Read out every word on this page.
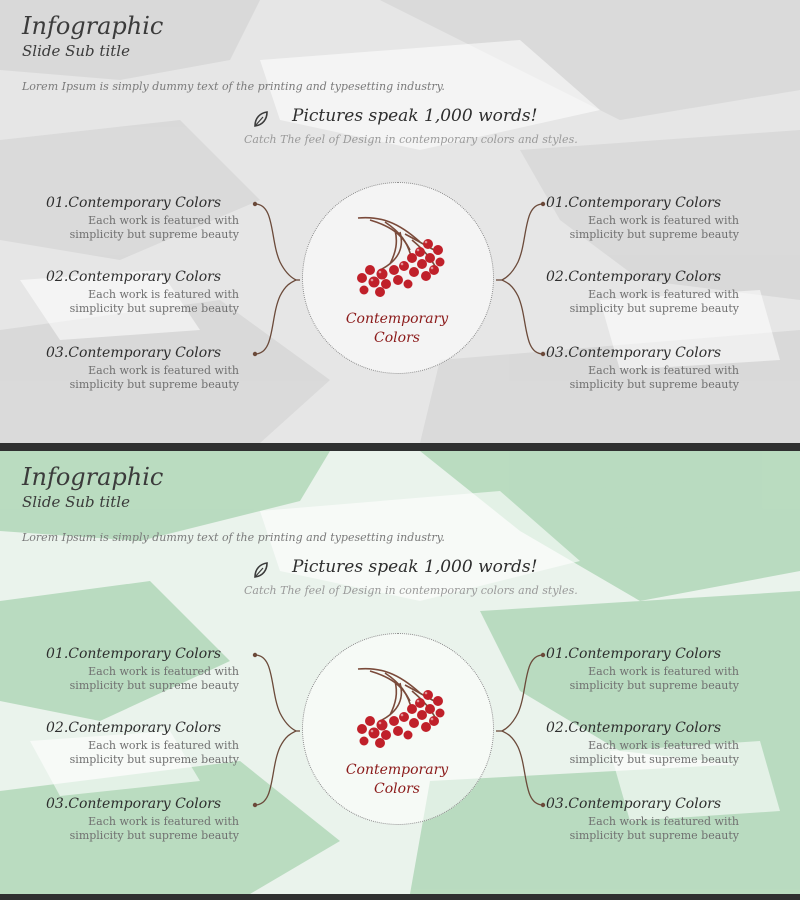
Infographic
Slide Sub title
Lorem Ipsum is simply dummy text of the printing and typesetting industry.
Pictures speak 1,000 words!
Catch The feel of Design in contemporary colors and styles.
Contemporary
Colors
01.Contemporary Colors
Each work is featured with
simplicity but supreme beauty
02.Contemporary Colors
Each work is featured with
simplicity but supreme beauty
03.Contemporary Colors
Each work is featured with
simplicity but supreme beauty
01.Contemporary Colors
Each work is featured with
simplicity but supreme beauty
02.Contemporary Colors
Each work is featured with
simplicity but supreme beauty
03.Contemporary Colors
Each work is featured with
simplicity but supreme beauty
Infographic
Slide Sub title
Lorem Ipsum is simply dummy text of the printing and typesetting industry.
Pictures speak 1,000 words!
Catch The feel of Design in contemporary colors and styles.
Contemporary
Colors
01.Contemporary Colors
Each work is featured with
simplicity but supreme beauty
02.Contemporary Colors
Each work is featured with
simplicity but supreme beauty
03.Contemporary Colors
Each work is featured with
simplicity but supreme beauty
01.Contemporary Colors
Each work is featured with
simplicity but supreme beauty
02.Contemporary Colors
Each work is featured with
simplicity but supreme beauty
03.Contemporary Colors
Each work is featured with
simplicity but supreme beauty
